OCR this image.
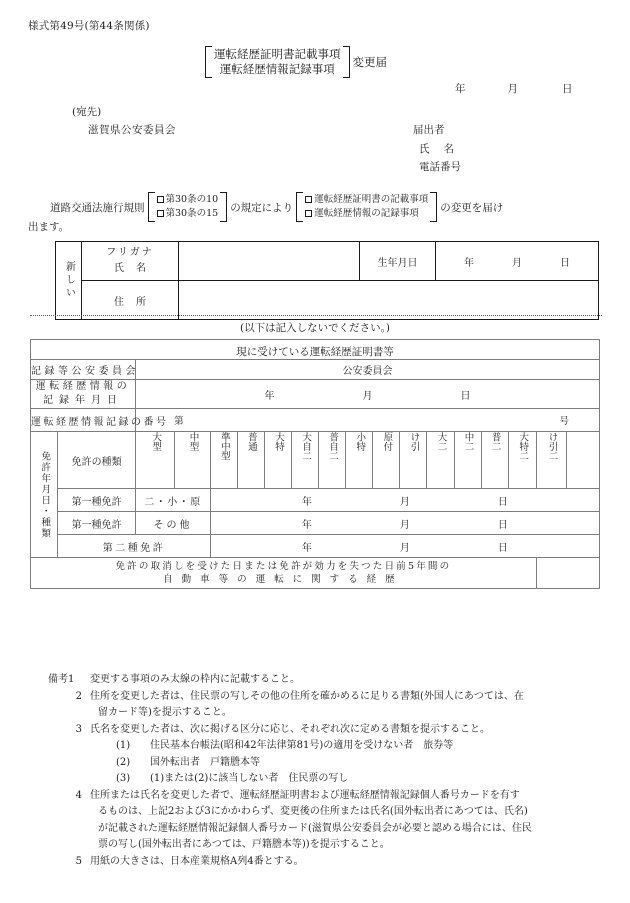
様式第49号(第44条関係)
運転経歴証明書記載事項
運転経歴情報記録事項	変更届
年	月	日
(宛先)
滋賀県公安委員会	届出者
氏 名
電話番号
道路交通法施行規則
第30条の10
第30条の15 の規定により
運転経歴証明書の記載事項
運転経歴情報の記録事項	の変更を届け
出ます。
新しい	フリガナ
氏 名		生年月日	年 月 日
	住 所			
(以下は記入しないでください。)
現に受けている運転経歴証明書等																

記録等公安委員会		公安委員会														

運転経歴情報の
記録年月日		年 月 日														
運転経歴情報記録の番号		第 号														

免許年月日・種類	免許の種類	大型	中型	準中型	普通	大特	大自二	普自二	小特	原付	け引	大二	中二	普二	大特二	け引二

	第一種免許	二・小・原		年 月 日												
	第一種免許	その他		年 月 日												
	第二種免許			年 月 日												

免許の取消しを受けた日または免許が効力を失つた日前5年間の
自動車等の運転に関する経歴																

備考1	変更する事項のみ太線の枠内に記載すること。
2 住所を変更した者は、住民票の写しその他の住所を確かめるに足りる書類(外国人にあつては、在
留カード等)を提示すること。
3 氏名を変更した者は、次に掲げる区分に応じ、それぞれ次に定める書類を提示すること。
(1)	住民基本台帳法(昭和42年法律第81号)の適用を受けない者　旅券等
(2)	国外転出者　戸籍謄本等
(3)	(1)または(2)に該当しない者　住民票の写し
4 住所または氏名を変更した者で、運転経歴証明書および運転経歴情報記録個人番号カードを有す
るものは、上記2および3にかかわらず、変更後の住所または氏名(国外転出者にあつては、氏名)
が記載された運転経歴情報記録個人番号カード(滋賀県公安委員会が必要と認める場合には、住民
票の写し(国外転出者にあつては、戸籍謄本等))を提示すること。
5 用紙の大きさは、日本産業規格A列4番とする。
